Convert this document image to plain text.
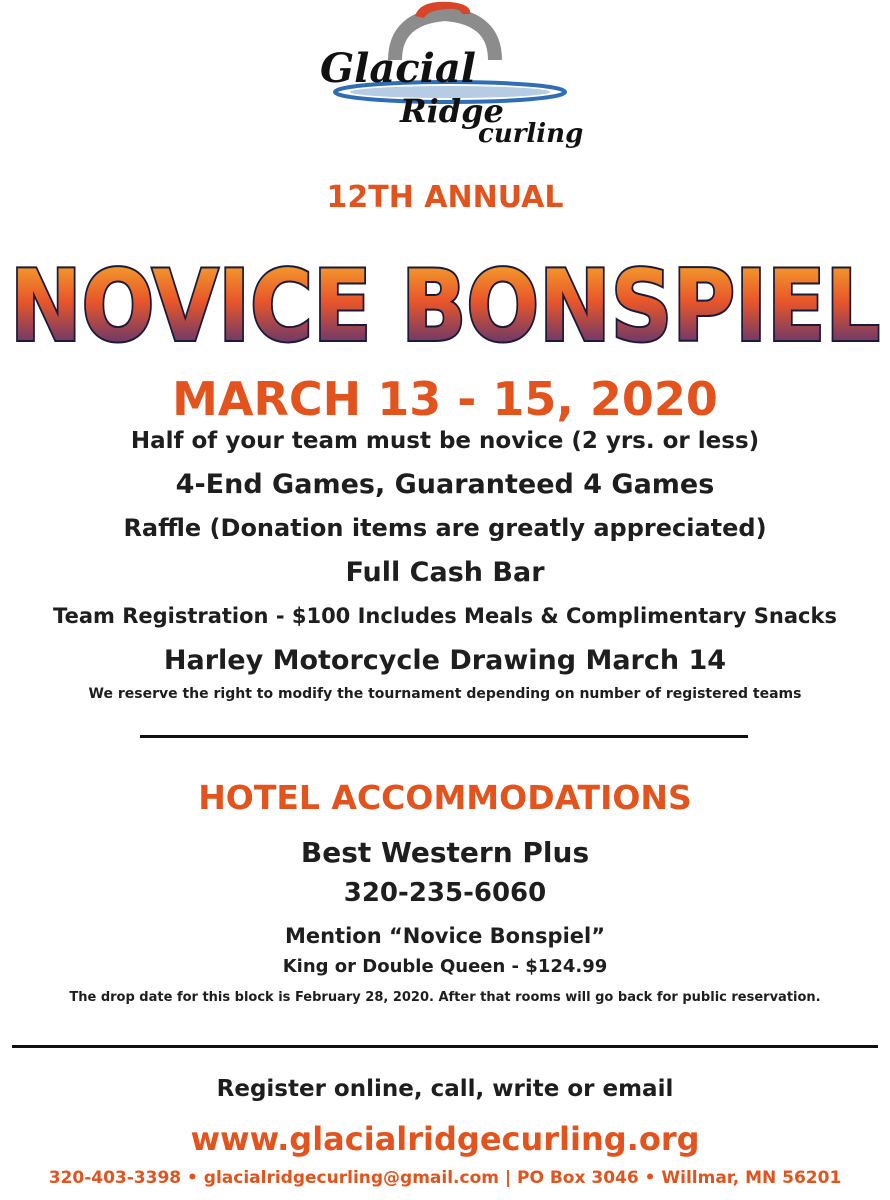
Glacial
Ridge
curling
12TH ANNUAL
NOVICE BONSPIEL
MARCH 13 - 15, 2020
Half of your team must be novice (2 yrs. or less)
4-End Games, Guaranteed 4 Games
Raffle (Donation items are greatly appreciated)
Full Cash Bar
Team Registration - $100 Includes Meals & Complimentary Snacks
Harley Motorcycle Drawing March 14
We reserve the right to modify the tournament depending on number of registered teams
HOTEL ACCOMMODATIONS
Best Western Plus
320-235-6060
Mention “Novice Bonspiel”
King or Double Queen - $124.99
The drop date for this block is February 28, 2020. After that rooms will go back for public reservation.
Register online, call, write or email
www.glacialridgecurling.org
320-403-3398 • glacialridgecurling@gmail.com | PO Box 3046 • Willmar, MN 56201
